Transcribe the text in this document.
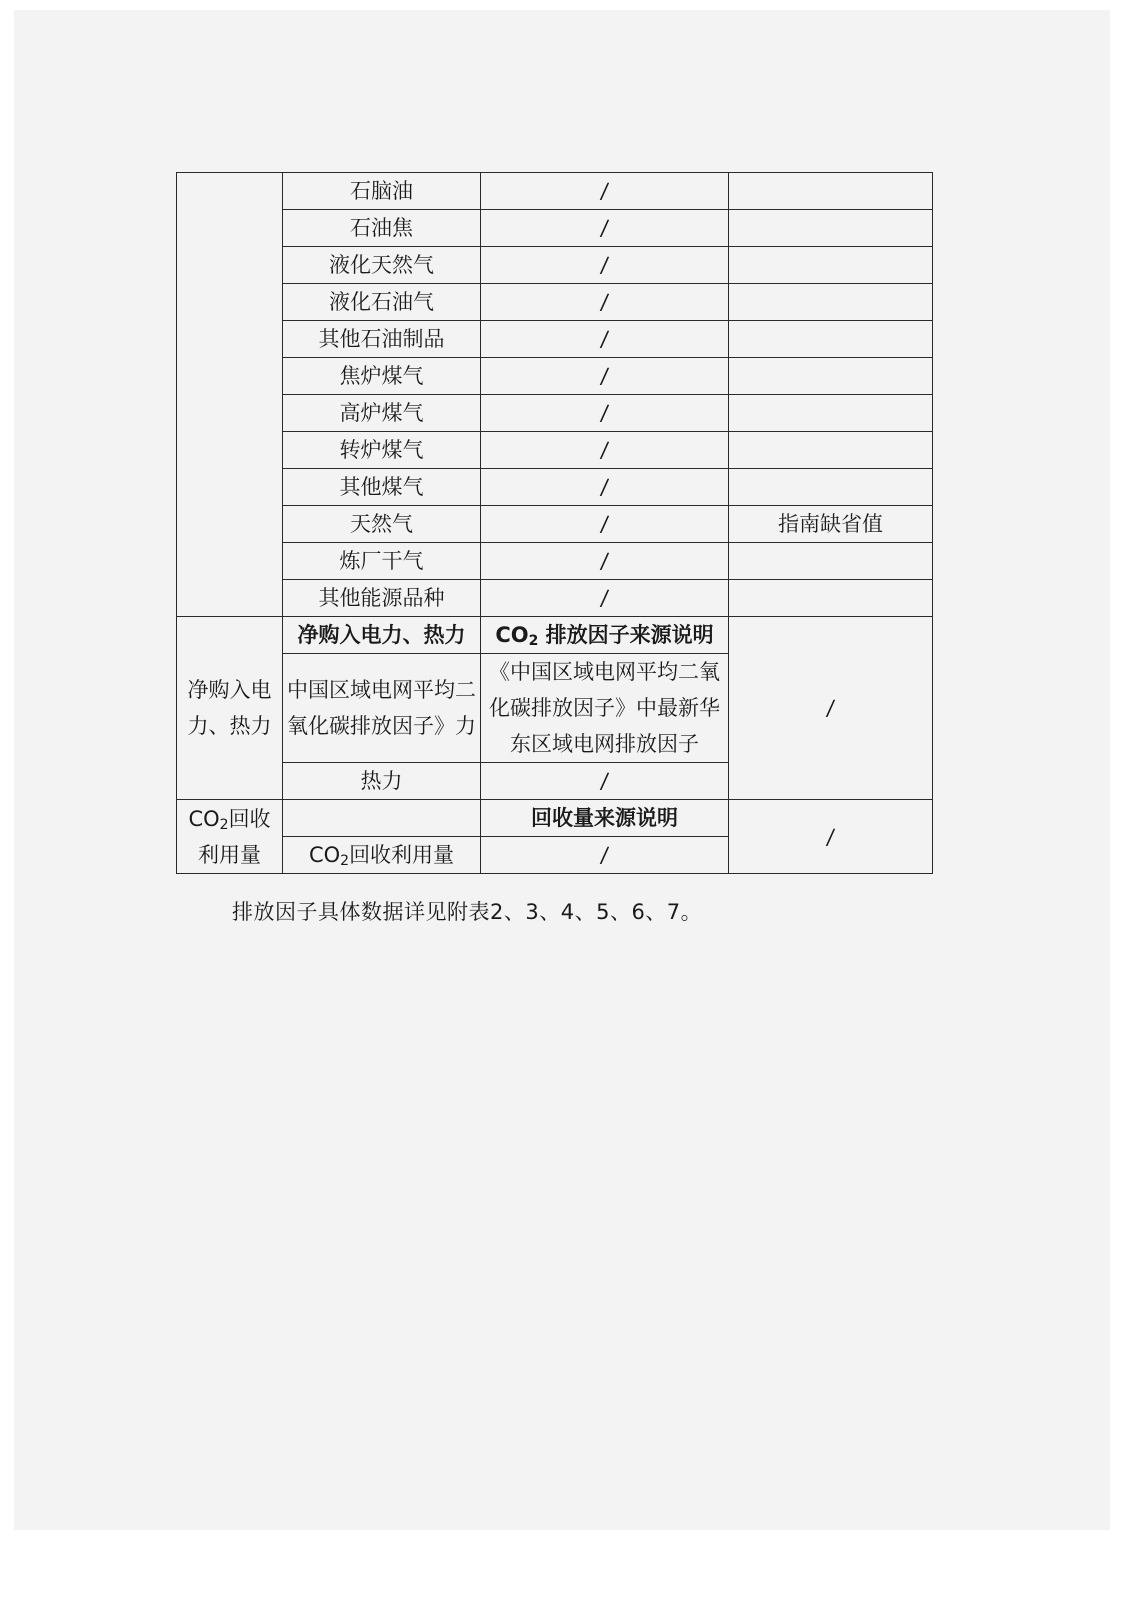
	石脑油	/	
	石油焦	/	
	液化天然气	/	
	液化石油气	/	
	其他石油制品	/	
	焦炉煤气	/	
	高炉煤气	/	
	转炉煤气	/	
	其他煤气	/	
	天然气	/	指南缺省值
	炼厂干气	/	
	其他能源品种	/	
净购入电力、热力	净购入电力、热力	$CO_2$ 排放因子来源说明	/
	中国区域电网平均二氧化碳排放因子》力	《中国区域电网平均二氧化碳排放因子》中最新华东区域电网排放因子	
	热力	/	
$CO_2$回收利用量		回收量来源说明	/
	$CO_2$回收利用量	/	
排放因子具体数据详见附表2、3、4、5、6、7。
